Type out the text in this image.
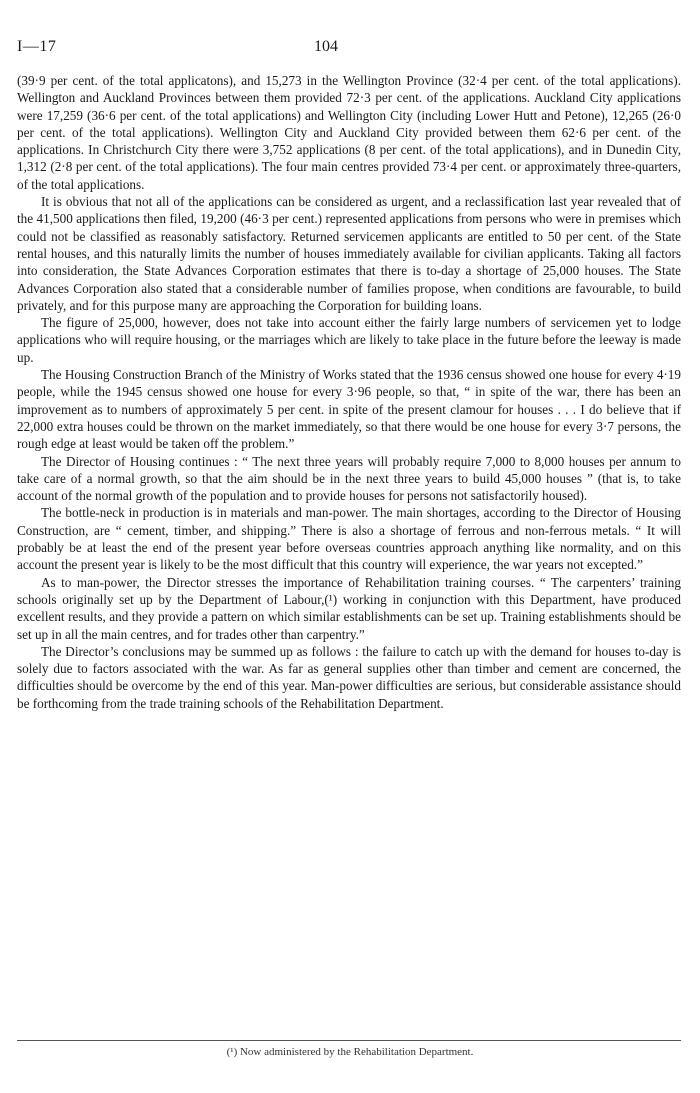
I—17	104

(39·9 per cent. of the total applicatons), and 15,273 in the Wellington Province (32·4 per cent. of the total applications). Wellington and Auckland Provinces between them provided 72·3 per cent. of the applications. Auckland City applications were 17,259 (36·6 per cent. of the total applications) and Wellington City (including Lower Hutt and Petone), 12,265 (26·0 per cent. of the total applications). Wellington City and Auckland City provided between them 62·6 per cent. of the applications. In Christchurch City there were 3,752 applications (8 per cent. of the total applications), and in Dunedin City, 1,312 (2·8 per cent. of the total applications). The four main centres provided 73·4 per cent. or approximately three-quarters, of the total applications.

It is obvious that not all of the applications can be considered as urgent, and a reclassification last year revealed that of the 41,500 applications then filed, 19,200 (46·3 per cent.) represented applications from persons who were in premises which could not be classified as reasonably satisfactory. Returned servicemen applicants are entitled to 50 per cent. of the State rental houses, and this naturally limits the number of houses immediately available for civilian applicants. Taking all factors into consideration, the State Advances Corporation estimates that there is to-day a shortage of 25,000 houses. The State Advances Corporation also stated that a considerable number of families propose, when conditions are favourable, to build privately, and for this purpose many are approaching the Corporation for building loans.

The figure of 25,000, however, does not take into account either the fairly large numbers of servicemen yet to lodge applications who will require housing, or the marriages which are likely to take place in the future before the leeway is made up.

The Housing Construction Branch of the Ministry of Works stated that the 1936 census showed one house for every 4·19 people, while the 1945 census showed one house for every 3·96 people, so that, “ in spite of the war, there has been an improvement as to numbers of approximately 5 per cent. in spite of the present clamour for houses . . . I do believe that if 22,000 extra houses could be thrown on the market immediately, so that there would be one house for every 3·7 persons, the rough edge at least would be taken off the problem.”

The Director of Housing continues : “ The next three years will probably require 7,000 to 8,000 houses per annum to take care of a normal growth, so that the aim should be in the next three years to build 45,000 houses ” (that is, to take account of the normal growth of the population and to provide houses for persons not satisfactorily housed).

The bottle-neck in production is in materials and man-power. The main shortages, according to the Director of Housing Construction, are “ cement, timber, and shipping.” There is also a shortage of ferrous and non-ferrous metals. “ It will probably be at least the end of the present year before overseas countries approach anything like normality, and on this account the present year is likely to be the most difficult that this country will experience, the war years not excepted.”

As to man-power, the Director stresses the importance of Rehabilitation training courses. “ The carpenters’ training schools originally set up by the Department of Labour,(¹) working in conjunction with this Department, have produced excellent results, and they provide a pattern on which similar establishments can be set up. Training establishments should be set up in all the main centres, and for trades other than carpentry.”

The Director’s conclusions may be summed up as follows : the failure to catch up with the demand for houses to-day is solely due to factors associated with the war. As far as general supplies other than timber and cement are concerned, the difficulties should be overcome by the end of this year. Man-power difficulties are serious, but considerable assistance should be forthcoming from the trade training schools of the Rehabilitation Department.

(¹) Now administered by the Rehabilitation Department.
